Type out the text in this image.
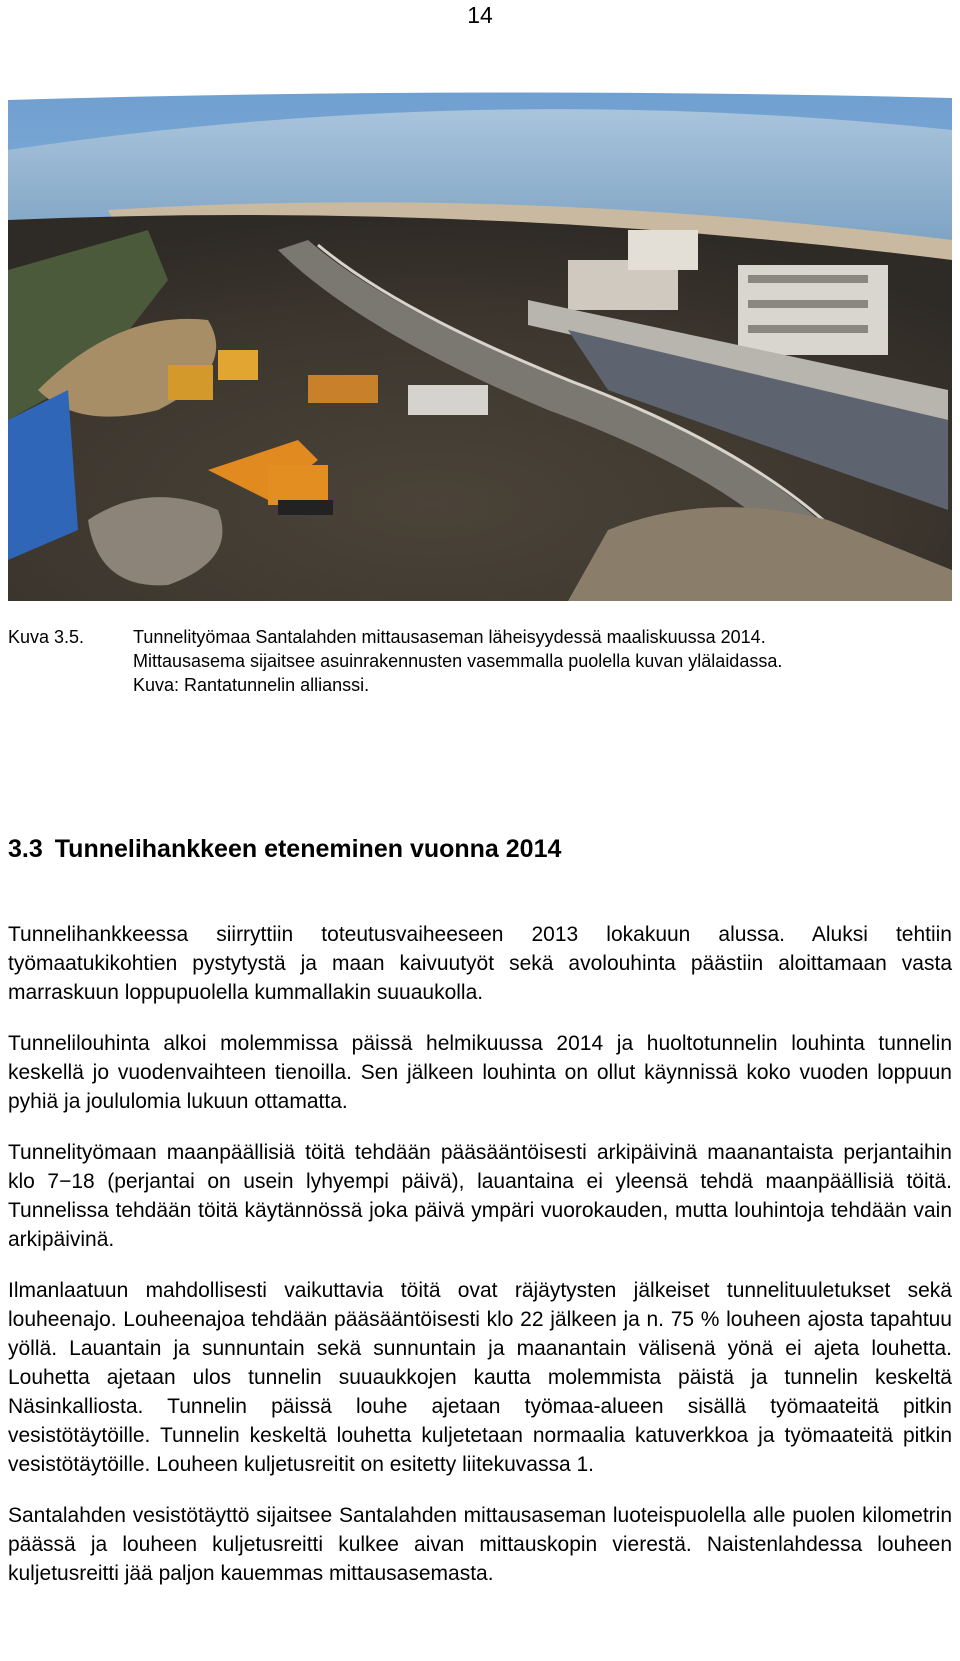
14
Kuva 3.5.	Tunnelityömaa Santalahden mittausaseman läheisyydessä maaliskuussa 2014.
Mittausasema sijaitsee asuinrakennusten vasemmalla puolella kuvan ylälaidassa.
Kuva: Rantatunnelin allianssi.
3.3 Tunnelihankkeen eteneminen vuonna 2014

Tunnelihankkeessa siirryttiin toteutusvaiheeseen 2013 lokakuun alussa. Aluksi tehtiin työmaatukikohtien pystytystä ja maan kaivuutyöt sekä avolouhinta päästiin aloittamaan vasta marraskuun loppupuolella kummallakin suuaukolla.

Tunnelilouhinta alkoi molemmissa päissä helmikuussa 2014 ja huoltotunnelin louhinta tunnelin keskellä jo vuodenvaihteen tienoilla. Sen jälkeen louhinta on ollut käynnissä koko vuoden loppuun pyhiä ja joululomia lukuun ottamatta.

Tunnelityömaan maanpäällisiä töitä tehdään pääsääntöisesti arkipäivinä maanantaista perjantaihin klo 7−18 (perjantai on usein lyhyempi päivä), lauantaina ei yleensä tehdä maanpäällisiä töitä. Tunnelissa tehdään töitä käytännössä joka päivä ympäri vuorokauden, mutta louhintoja tehdään vain arkipäivinä.

Ilmanlaatuun mahdollisesti vaikuttavia töitä ovat räjäytysten jälkeiset tunnelituuletukset sekä louheenajo. Louheenajoa tehdään pääsääntöisesti klo 22 jälkeen ja n. 75 % louheen ajosta tapahtuu yöllä. Lauantain ja sunnuntain sekä sunnuntain ja maanantain välisenä yönä ei ajeta louhetta. Louhetta ajetaan ulos tunnelin suuaukkojen kautta molemmista päistä ja tunnelin keskeltä Näsinkalliosta. Tunnelin päissä louhe ajetaan työmaa-alueen sisällä työmaateitä pitkin vesistötäytöille. Tunnelin keskeltä louhetta kuljetetaan normaalia katuverkkoa ja työmaateitä pitkin vesistötäytöille. Louheen kuljetusreitit on esitetty liitekuvassa 1.

Santalahden vesistötäyttö sijaitsee Santalahden mittausaseman luoteispuolella alle puolen kilometrin päässä ja louheen kuljetusreitti kulkee aivan mittauskopin vierestä. Naistenlahdessa louheen kuljetusreitti jää paljon kauemmas mittausasemasta.
